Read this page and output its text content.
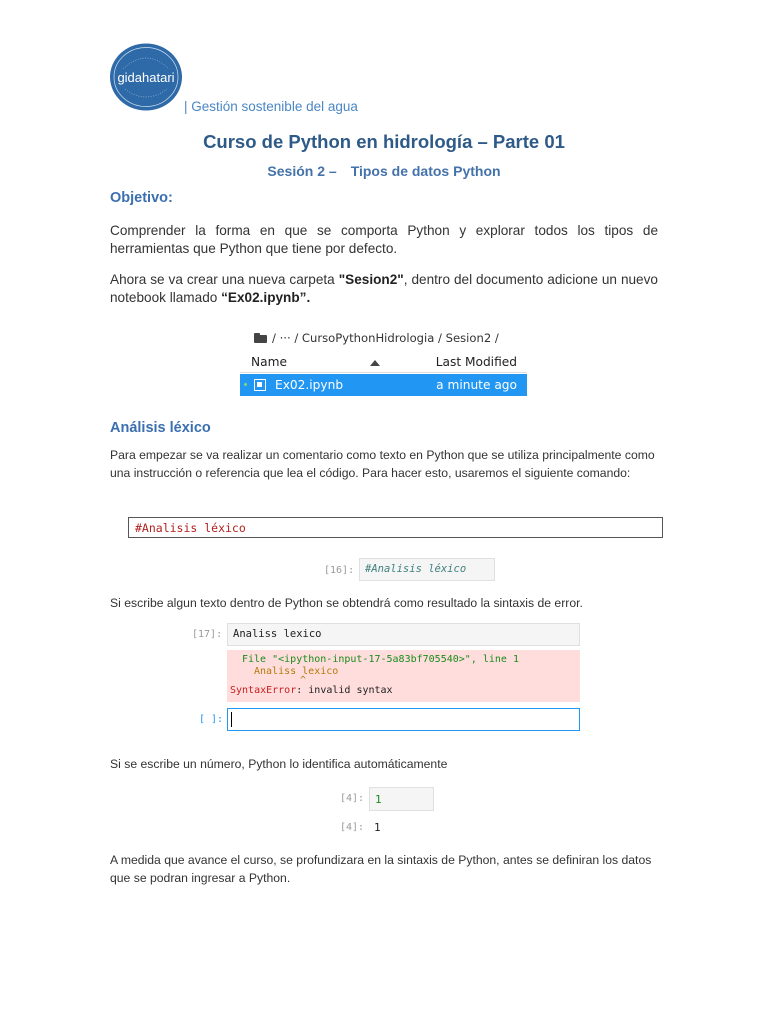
gidahatari
| Gestión sostenible del agua
Curso de Python en hidrología – Parte 01
Sesión 2 – Tipos de datos Python
Objetivo:
Comprender la forma en que se comporta Python y explorar todos los tipos de herramientas que Python que tiene por defecto.
Ahora se va crear una nueva carpeta "Sesion2", dentro del documento adicione un nuevo notebook llamado “Ex02.ipynb”.
/ ··· / CursoPythonHidrologia / Sesion2 /
Name	Last Modified
Ex02.ipynb	a minute ago
Análisis léxico
Para empezar se va realizar un comentario como texto en Python que se utiliza principalmente como una instrucción o referencia que lea el código. Para hacer esto, usaremos el siguiente comando:
#Analisis léxico
[16]:	#Analisis léxico
Si escribe algun texto dentro de Python se obtendrá como resultado la sintaxis de error.
[17]:	Analiss lexico
File "<ipython-input-17-5a83bf705540>", line 1
Analiss lexico
^
SyntaxError: invalid syntax
[ ]:
Si se escribe un número, Python lo identifica automáticamente
[4]: 1
[4]: 1
A medida que avance el curso, se profundizara en la sintaxis de Python, antes se definiran los datos que se podran ingresar a Python.
